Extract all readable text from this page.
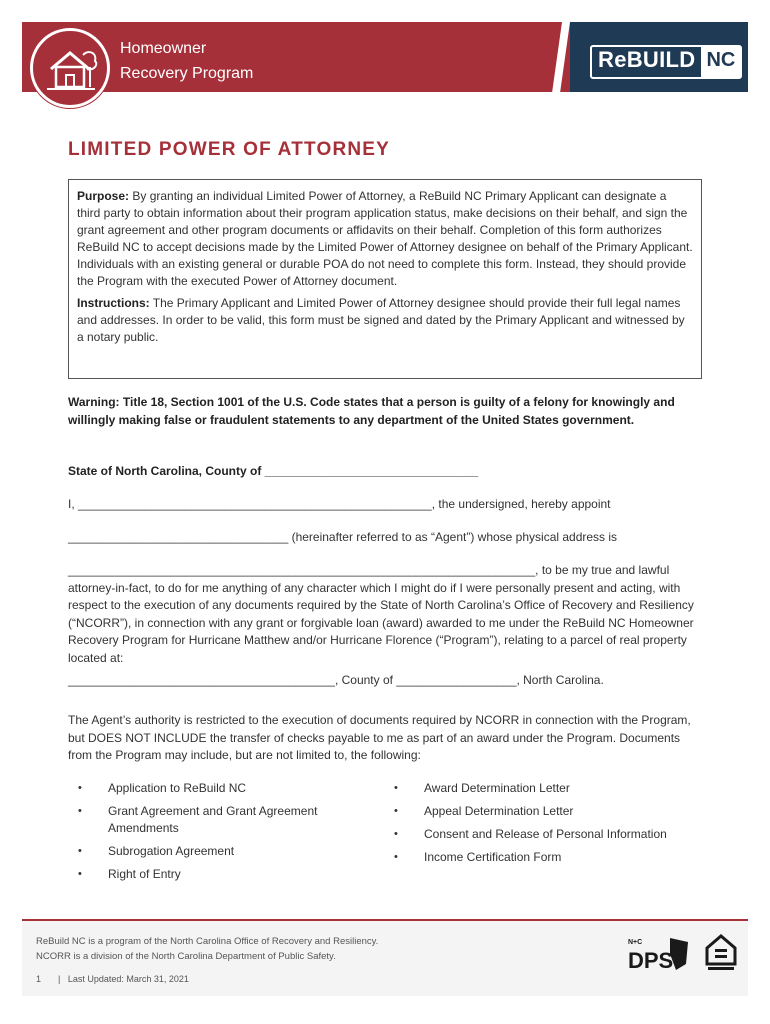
Homeowner
Recovery Program
ReBUILD NC
LIMITED POWER OF ATTORNEY

Purpose: By granting an individual Limited Power of Attorney, a ReBuild NC Primary Applicant can designate a third party to obtain information about their program application status, make decisions on their behalf, and sign the grant agreement and other program documents or affidavits on their behalf. Completion of this form authorizes ReBuild NC to accept decisions made by the Limited Power of Attorney designee on behalf of the Primary Applicant. Individuals with an existing general or durable POA do not need to complete this form. Instead, they should provide the Program with the executed Power of Attorney document.

Instructions: The Primary Applicant and Limited Power of Attorney designee should provide their full legal names and addresses. In order to be valid, this form must be signed and dated by the Primary Applicant and witnessed by a notary public.

Warning: Title 18, Section 1001 of the U.S. Code states that a person is guilty of a felony for knowingly and willingly making false or fraudulent statements to any department of the United States government.
State of North Carolina, County of ________________________________
I, _____________________________________________________, the undersigned, hereby appoint
_________________________________ (hereinafter referred to as “Agent”) whose physical address is
______________________________________________________________________, to be my true and lawful attorney-in-fact, to do for me anything of any character which I might do if I were personally present and acting, with respect to the execution of any documents required by the State of North Carolina’s Office of Recovery and Resiliency (“NCORR”), in connection with any grant or forgivable loan (award) awarded to me under the ReBuild NC Homeowner Recovery Program for Hurricane Matthew and/or Hurricane Florence (“Program”), relating to a parcel of real property located at:
________________________________________, County of __________________, North Carolina.
The Agent’s authority is restricted to the execution of documents required by NCORR in connection with the Program, but DOES NOT INCLUDE the transfer of checks payable to me as part of an award under the Program. Documents from the Program may include, but are not limited to, the following:
• Application to ReBuild NC
• Grant Agreement and Grant Agreement Amendments
• Subrogation Agreement
• Right of Entry
• Award Determination Letter
• Appeal Determination Letter
• Consent and Release of Personal Information
• Income Certification Form
ReBuild NC is a program of the North Carolina Office of Recovery and Resiliency.
NCORR is a division of the North Carolina Department of Public Safety.
1 | Last Updated: March 31, 2021
N+C
DPS
